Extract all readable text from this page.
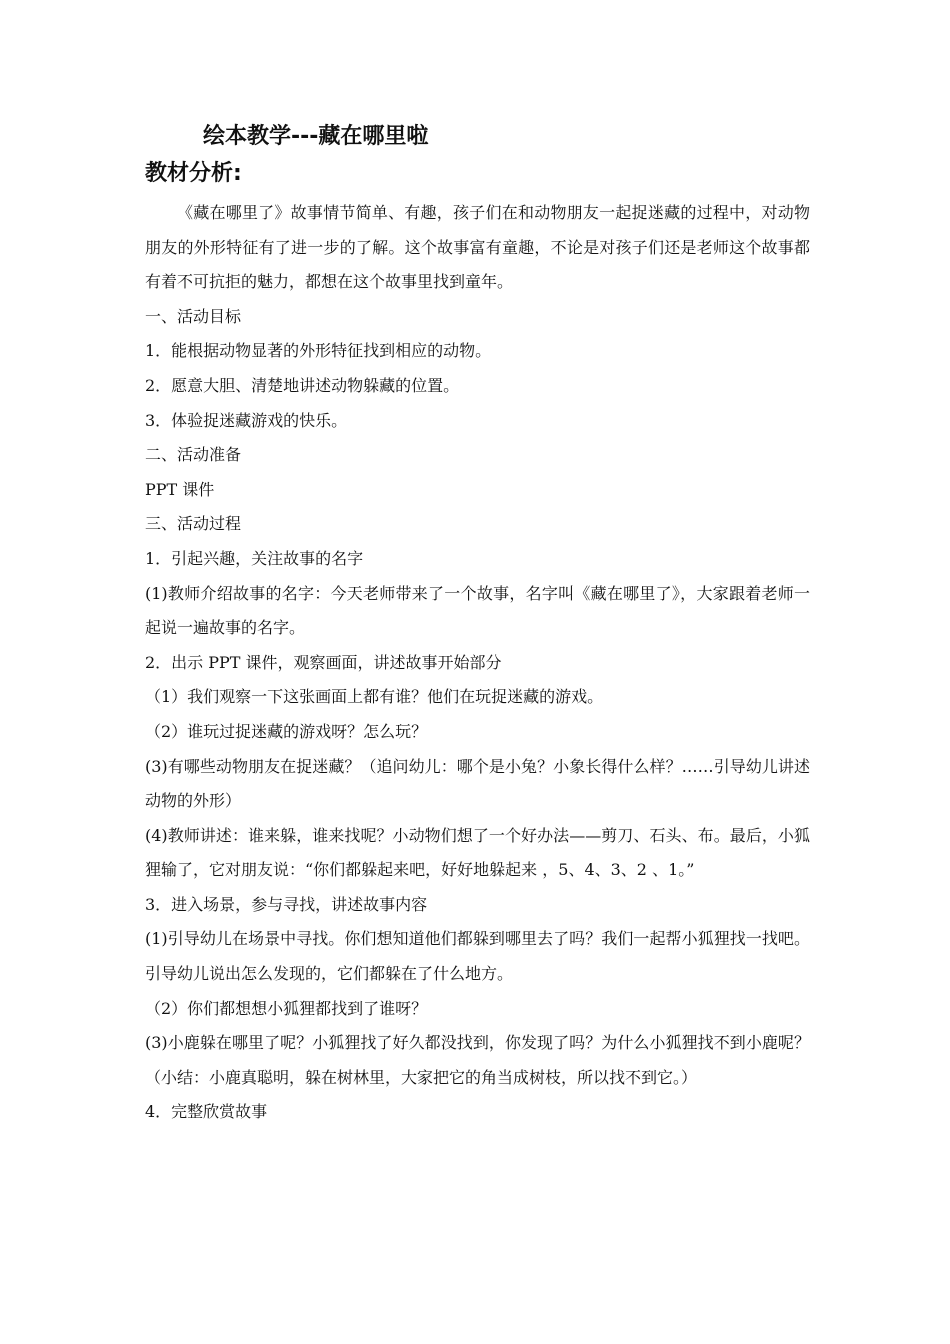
绘本教学---藏在哪里啦
教材分析:

《藏在哪里了》故事情节简单、有趣，孩子们在和动物朋友一起捉迷藏的过程中，对动物朋友的外形特征有了进一步的了解。这个故事富有童趣，不论是对孩子们还是老师这个故事都有着不可抗拒的魅力，都想在这个故事里找到童年。

一、活动目标

1．能根据动物显著的外形特征找到相应的动物。

2．愿意大胆、清楚地讲述动物躲藏的位置。

3．体验捉迷藏游戏的快乐。

二、活动准备

PPT 课件

三、活动过程

1．引起兴趣，关注故事的名字

(1)教师介绍故事的名字：今天老师带来了一个故事，名字叫《藏在哪里了》，大家跟着老师一起说一遍故事的名字。

2．出示 PPT 课件，观察画面，讲述故事开始部分

（1）我们观察一下这张画面上都有谁？他们在玩捉迷藏的游戏。

（2）谁玩过捉迷藏的游戏呀？怎么玩？

(3)有哪些动物朋友在捉迷藏？（追问幼儿：哪个是小兔？小象长得什么样？……引导幼儿讲述动物的外形）

(4)教师讲述：谁来躲，谁来找呢？小动物们想了一个好办法——剪刀、石头、布。最后，小狐狸输了，它对朋友说：“你们都躲起来吧，好好地躲起来 ，5、4、3、2 、1。”

3．进入场景，参与寻找，讲述故事内容

(1)引导幼儿在场景中寻找。你们想知道他们都躲到哪里去了吗？我们一起帮小狐狸找一找吧。引导幼儿说出怎么发现的，它们都躲在了什么地方。

（2）你们都想想小狐狸都找到了谁呀？

(3)小鹿躲在哪里了呢？小狐狸找了好久都没找到，你发现了吗？为什么小狐狸找不到小鹿呢？（小结：小鹿真聪明，躲在树林里，大家把它的角当成树枝，所以找不到它。）

4．完整欣赏故事
